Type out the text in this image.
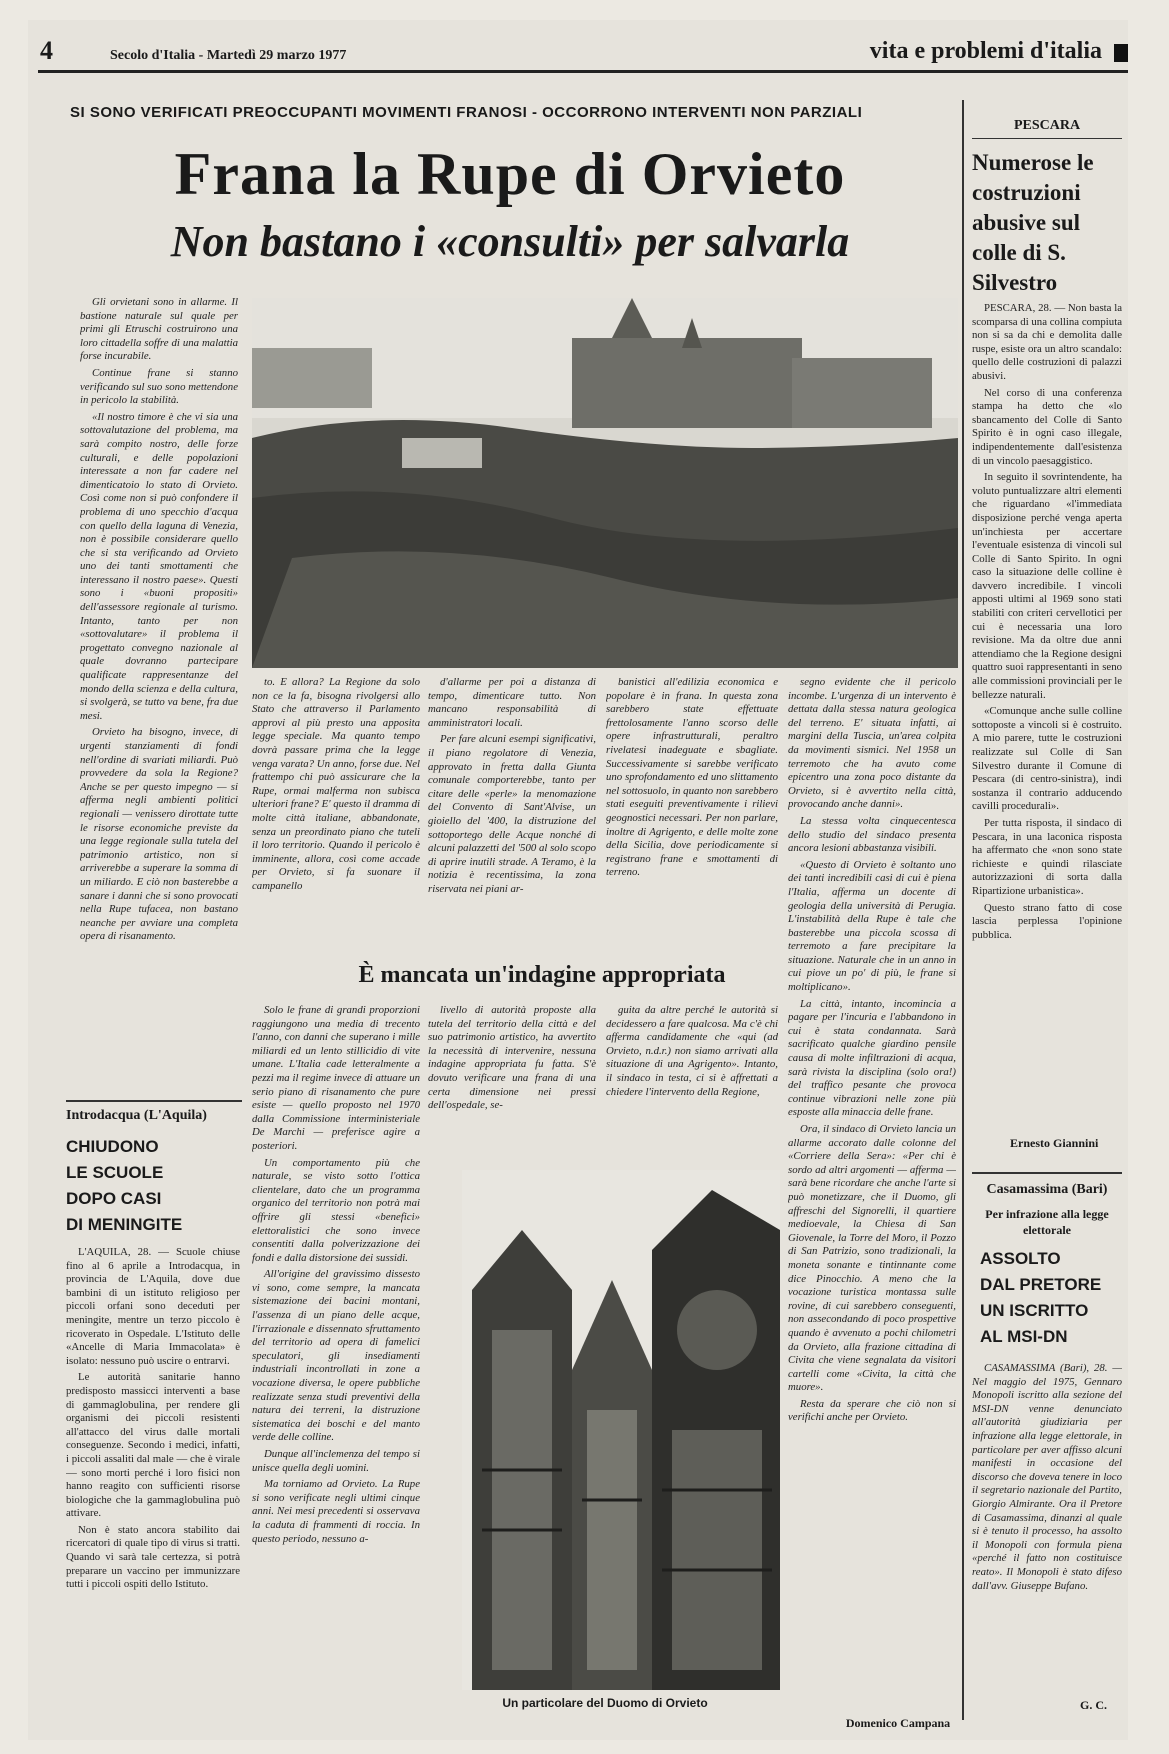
4	Secolo d'Italia - Martedì 29 marzo 1977	vita e problemi d'italia
SI SONO VERIFICATI PREOCCUPANTI MOVIMENTI FRANOSI - OCCORRONO INTERVENTI NON PARZIALI
Frana la Rupe di Orvieto
Non bastano i «consulti» per salvarla

Gli orvietani sono in allarme. Il bastione naturale sul quale per primi gli Etruschi costruirono una loro cittadella soffre di una malattia forse incurabile.

Continue frane si stanno verificando sul suo sono mettendone in pericolo la stabilità.

«Il nostro timore è che vi sia una sottovalutazione del problema, ma sarà compito nostro, delle forze culturali, e delle popolazioni interessate a non far cadere nel dimenticatoio lo stato di Orvieto. Così come non si può confondere il problema di uno specchio d'acqua con quello della laguna di Venezia, non è possibile considerare quello che si sta verificando ad Orvieto uno dei tanti smottamenti che interessano il nostro paese». Questi sono i «buoni propositi» dell'assessore regionale al turismo. Intanto, tanto per non «sottovalutare» il problema il progettato convegno nazionale al quale dovranno partecipare qualificate rappresentanze del mondo della scienza e della cultura, si svolgerà, se tutto va bene, fra due mesi.

Orvieto ha bisogno, invece, di urgenti stanziamenti di fondi nell'ordine di svariati miliardi. Può provvedere da sola la Regione? Anche se per questo impegno — si afferma negli ambienti politici regionali — venissero dirottate tutte le risorse economiche previste da una legge regionale sulla tutela del patrimonio artistico, non si arriverebbe a superare la somma di un miliardo. E ciò non basterebbe a sanare i danni che si sono provocati nella Rupe tufacea, non bastano neanche per avviare una completa opera di risanamento.

to. E allora? La Regione da solo non ce la fa, bisogna rivolgersi allo Stato che attraverso il Parlamento approvi al più presto una apposita legge speciale. Ma quanto tempo dovrà passare prima che la legge venga varata? Un anno, forse due. Nel frattempo chi può assicurare che la Rupe, ormai malferma non subisca ulteriori frane? E' questo il dramma di molte città italiane, abbandonate, senza un preordinato piano che tuteli il loro territorio. Quando il pericolo è imminente, allora, così come accade per Orvieto, si fa suonare il campanello

d'allarme per poi a distanza di tempo, dimenticare tutto. Non mancano responsabilità di amministratori locali.

Per fare alcuni esempi significativi, il piano regolatore di Venezia, approvato in fretta dalla Giunta comunale comporterebbe, tanto per citare delle «perle» la menomazione del Convento di Sant'Alvise, un gioiello del '400, la distruzione del sottoportego delle Acque nonché di alcuni palazzetti del '500 al solo scopo di aprire inutili strade. A Teramo, è la notizia è recentissima, la zona riservata nei piani ar-

banistici all'edilizia economica e popolare è in frana. In questa zona sarebbero state effettuate frettolosamente l'anno scorso delle opere infrastrutturali, peraltro rivelatesi inadeguate e sbagliate. Successivamente si sarebbe verificato uno sprofondamento ed uno slittamento nel sottosuolo, in quanto non sarebbero stati eseguiti preventivamente i rilievi geognostici necessari. Per non parlare, inoltre di Agrigento, e delle molte zone della Sicilia, dove periodicamente si registrano frane e smottamenti di terreno.

segno evidente che il pericolo incombe. L'urgenza di un intervento è dettata dalla stessa natura geologica del terreno. E' situata infatti, ai margini della Tuscia, un'area colpita da movimenti sismici. Nel 1958 un terremoto che ha avuto come epicentro una zona poco distante da Orvieto, si è avvertito nella città, provocando anche danni».

La stessa volta cinquecentesca dello studio del sindaco presenta ancora lesioni abbastanza visibili.

«Questo di Orvieto è soltanto uno dei tanti incredibili casi di cui è piena l'Italia, afferma un docente di geologia della università di Perugia. L'instabilità della Rupe è tale che basterebbe una piccola scossa di terremoto a fare precipitare la situazione. Naturale che in un anno in cui piove un po' di più, le frane si moltiplicano».

La città, intanto, incomincia a pagare per l'incuria e l'abbandono in cui è stata condannata. Sarà sacrificato qualche giardino pensile causa di molte infiltrazioni di acqua, sarà rivista la disciplina (solo ora!) del traffico pesante che provoca continue vibrazioni nelle zone più esposte alla minaccia delle frane.

Ora, il sindaco di Orvieto lancia un allarme accorato dalle colonne del «Corriere della Sera»: «Per chi è sordo ad altri argomenti — afferma — sarà bene ricordare che anche l'arte si può monetizzare, che il Duomo, gli affreschi del Signorelli, il quartiere medioevale, la Chiesa di San Giovenale, la Torre del Moro, il Pozzo di San Patrizio, sono tradizionali, la moneta sonante e tintinnante come dice Pinocchio. A meno che la vocazione turistica montassa sulle rovine, di cui sarebbero conseguenti, non assecondando di poco prospettive quando è avvenuto a pochi chilometri da Orvieto, alla frazione cittadina di Civita che viene segnalata da visitori cartelli come «Civita, la città che muore».

Resta da sperare che ciò non si verifichi anche per Orvieto.

È mancata un'indagine appropriata

Solo le frane di grandi proporzioni raggiungono una media di trecento l'anno, con danni che superano i mille miliardi ed un lento stillicidio di vite umane. L'Italia cade letteralmente a pezzi ma il regime invece di attuare un serio piano di risanamento che pure esiste — quello proposto nel 1970 dalla Commissione interministeriale De Marchi — preferisce agire a posteriori.

Un comportamento più che naturale, se visto sotto l'ottica clientelare, dato che un programma organico del territorio non potrà mai offrire gli stessi «benefici» elettoralistici che sono invece consentiti dalla polverizzazione dei fondi e dalla distorsione dei sussidi.

All'origine del gravissimo dissesto vi sono, come sempre, la mancata sistemazione dei bacini montani, l'assenza di un piano delle acque, l'irrazionale e dissennato sfruttamento del territorio ad opera di famelici speculatori, gli insediamenti industriali incontrollati in zone a vocazione diversa, le opere pubbliche realizzate senza studi preventivi della natura dei terreni, la distruzione sistematica dei boschi e del manto verde delle colline.

Dunque all'inclemenza del tempo si unisce quella degli uomini.

Ma torniamo ad Orvieto. La Rupe si sono verificate negli ultimi cinque anni. Nei mesi precedenti si osservava la caduta di frammenti di roccia. In questo periodo, nessuno a-

livello di autorità proposte alla tutela del territorio della città e del suo patrimonio artistico, ha avvertito la necessità di intervenire, nessuna indagine appropriata fu fatta. S'è dovuto verificare una frana di una certa dimensione nei pressi dell'ospedale, se-

guita da altre perché le autorità si decidessero a fare qualcosa. Ma c'è chi afferma candidamente che «qui (ad Orvieto, n.d.r.) non siamo arrivati alla situazione di una Agrigento». Intanto, il sindaco in testa, ci si è affrettati a chiedere l'intervento della Regione,

Un particolare del Duomo di Orvieto
Domenico Campana
Introdacqua (L'Aquila)
CHIUDONO
LE SCUOLE
DOPO CASI
DI MENINGITE

L'AQUILA, 28. — Scuole chiuse fino al 6 aprile a Introdacqua, in provincia de L'Aquila, dove due bambini di un istituto religioso per piccoli orfani sono deceduti per meningite, mentre un terzo piccolo è ricoverato in Ospedale. L'Istituto delle «Ancelle di Maria Immacolata» è isolato: nessuno può uscire o entrarvi.

Le autorità sanitarie hanno predisposto massicci interventi a base di gammaglobulina, per rendere gli organismi dei piccoli resistenti all'attacco del virus dalle mortali conseguenze. Secondo i medici, infatti, i piccoli assaliti dal male — che è virale — sono morti perché i loro fisici non hanno reagito con sufficienti risorse biologiche che la gammaglobulina può attivare.

Non è stato ancora stabilito dai ricercatori di quale tipo di virus si tratti. Quando vi sarà tale certezza, si potrà preparare un vaccino per immunizzare tutti i piccoli ospiti dello Istituto.

PESCARA
Numerose le costruzioni abusive sul colle di S. Silvestro

PESCARA, 28. — Non basta la scomparsa di una collina compiuta non si sa da chi e demolita dalle ruspe, esiste ora un altro scandalo: quello delle costruzioni di palazzi abusivi.

Nel corso di una conferenza stampa ha detto che «lo sbancamento del Colle di Santo Spirito è in ogni caso illegale, indipendentemente dall'esistenza di un vincolo paesaggistico.

In seguito il sovrintendente, ha voluto puntualizzare altri elementi che riguardano «l'immediata disposizione perché venga aperta un'inchiesta per accertare l'eventuale esistenza di vincoli sul Colle di Santo Spirito. In ogni caso la situazione delle colline è davvero incredibile. I vincoli apposti ultimi al 1969 sono stati stabiliti con criteri cervellotici per cui è necessaria una loro revisione. Ma da oltre due anni attendiamo che la Regione designi quattro suoi rappresentanti in seno alle commissioni provinciali per le bellezze naturali.

«Comunque anche sulle colline sottoposte a vincoli si è costruito. A mio parere, tutte le costruzioni realizzate sul Colle di San Silvestro durante il Comune di Pescara (di centro-sinistra), indi sostanza il contrario adducendo cavilli procedurali».

Per tutta risposta, il sindaco di Pescara, in una laconica risposta ha affermato che «non sono state richieste e quindi rilasciate autorizzazioni di sorta dalla Ripartizione urbanistica».

Questo strano fatto di cose lascia perplessa l'opinione pubblica.

Ernesto Giannini
Casamassima (Bari)
Per infrazione alla legge elettorale
ASSOLTO
DAL PRETORE
UN ISCRITTO
AL MSI-DN

CASAMASSIMA (Bari), 28. — Nel maggio del 1975, Gennaro Monopoli iscritto alla sezione del MSI-DN venne denunciato all'autorità giudiziaria per infrazione alla legge elettorale, in particolare per aver affisso alcuni manifesti in occasione del discorso che doveva tenere in loco il segretario nazionale del Partito, Giorgio Almirante. Ora il Pretore di Casamassima, dinanzi al quale si è tenuto il processo, ha assolto il Monopoli con formula piena «perché il fatto non costituisce reato». Il Monopoli è stato difeso dall'avv. Giuseppe Bufano.

G. C.
